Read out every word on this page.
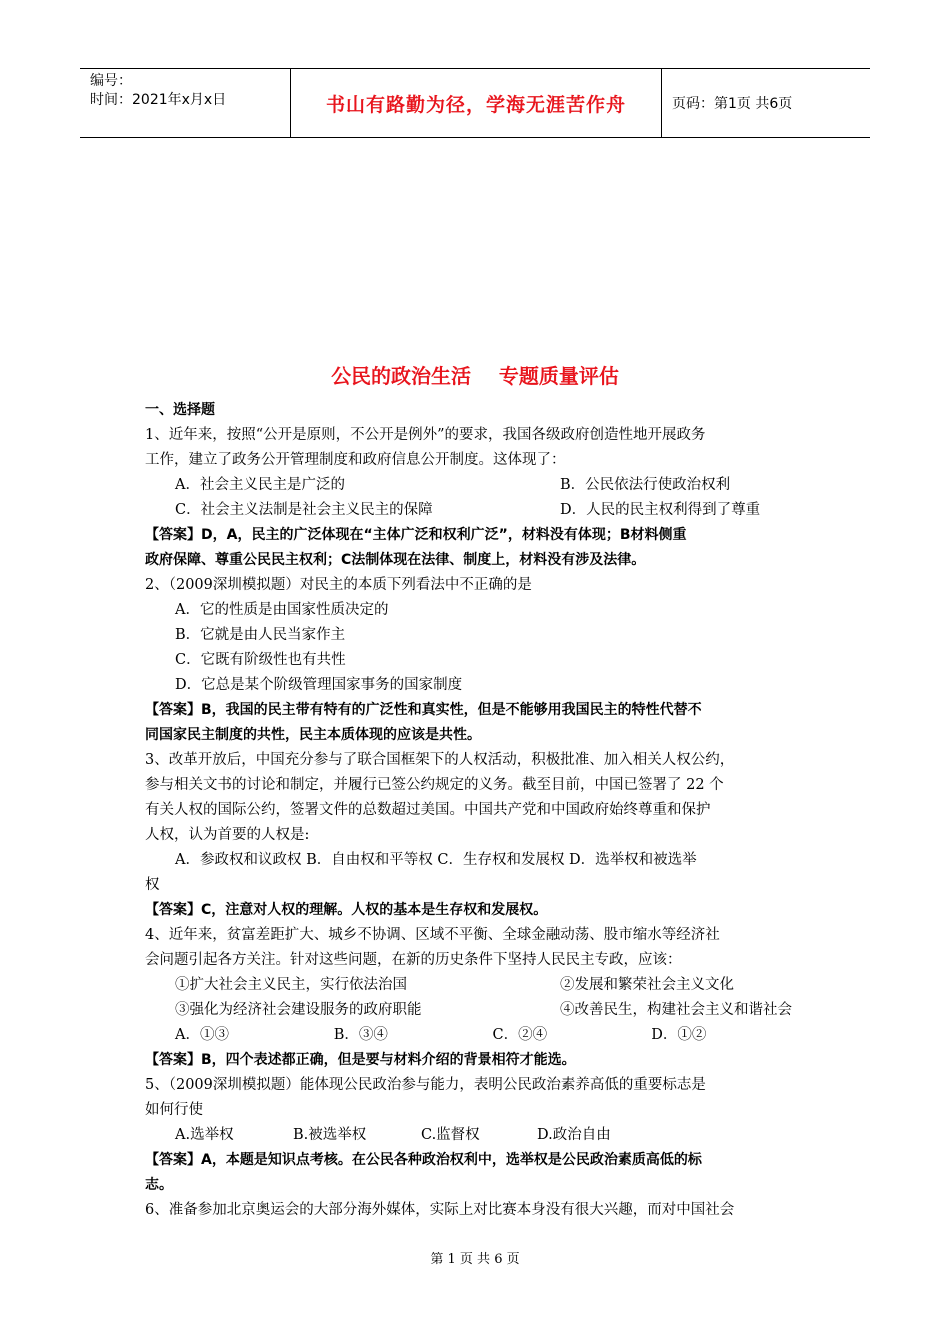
编号：
时间：2021年x月x日	书山有路勤为径，学海无涯苦作舟	页码：第1页 共6页
公民的政治生活    专题质量评估

一、选择题

1、近年来，按照“公开是原则，不公开是例外”的要求，我国各级政府创造性地开展政务

工作，建立了政务公开管理制度和政府信息公开制度。这体现了：

A．社会主义民主是广泛的	B．公民依法行使政治权利
C．社会主义法制是社会主义民主的保障	D．人民的民主权利得到了尊重

【答案】D，A，民主的广泛体现在“主体广泛和权利广泛”，材料没有体现；B材料侧重

政府保障、尊重公民民主权利；C法制体现在法律、制度上，材料没有涉及法律。

2、（2009深圳模拟题）对民主的本质下列看法中不正确的是

A．它的性质是由国家性质决定的

B．它就是由人民当家作主

C．它既有阶级性也有共性

D．它总是某个阶级管理国家事务的国家制度

【答案】B，我国的民主带有特有的广泛性和真实性，但是不能够用我国民主的特性代替不

同国家民主制度的共性，民主本质体现的应该是共性。

3、改革开放后，中国充分参与了联合国框架下的人权活动，积极批准、加入相关人权公约，

参与相关文书的讨论和制定，并履行已签公约规定的义务。截至目前，中国已签署了 22 个

有关人权的国际公约，签署文件的总数超过美国。中国共产党和中国政府始终尊重和保护

人权，认为首要的人权是:

A．参政权和议政权 B．自由权和平等权 C．生存权和发展权 D．选举权和被选举

权

【答案】C，注意对人权的理解。人权的基本是生存权和发展权。

4、近年来，贫富差距扩大、城乡不协调、区域不平衡、全球金融动荡、股市缩水等经济社

会问题引起各方关注。针对这些问题，在新的历史条件下坚持人民民主专政，应该：

①扩大社会主义民主，实行依法治国	②发展和繁荣社会主义文化
③强化为经济社会建设服务的政府职能	④改善民生，构建社会主义和谐社会
A．①③	B．③④	C．②④	D．①②

【答案】B，四个表述都正确，但是要与材料介绍的背景相符才能选。

5、（2009深圳模拟题）能体现公民政治参与能力，表明公民政治素养高低的重要标志是

如何行使

A.选举权	B.被选举权	C.监督权	D.政治自由

【答案】A，本题是知识点考核。在公民各种政治权利中，选举权是公民政治素质高低的标

志。

6、准备参加北京奥运会的大部分海外媒体，实际上对比赛本身没有很大兴趣，而对中国社会

第 1 页 共 6 页
